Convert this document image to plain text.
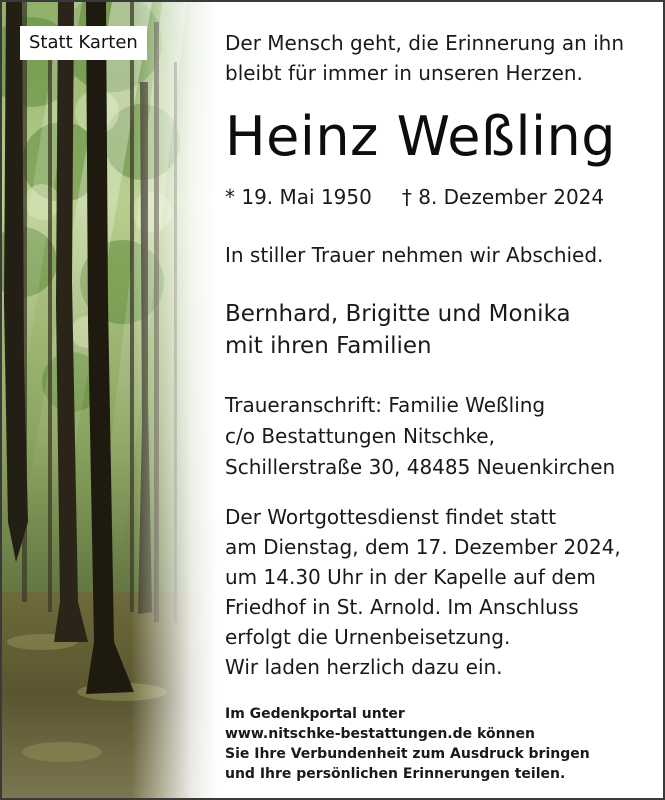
Statt Karten	Der Mensch geht, die Erinnerung an ihn
bleibt für immer in unseren Herzen.
Heinz Weßling
* 19. Mai 1950 † 8. Dezember 2024
In stiller Trauer nehmen wir Abschied.
Bernhard, Brigitte und Monika
mit ihren Familien
Traueranschrift: Familie Weßling
c/o Bestattungen Nitschke,
Schillerstraße 30, 48485 Neuenkirchen
Der Wortgottesdienst findet statt
am Dienstag, dem 17. Dezember 2024,
um 14.30 Uhr in der Kapelle auf dem
Friedhof in St. Arnold. Im Anschluss
erfolgt die Urnenbeisetzung.
Wir laden herzlich dazu ein.
Im Gedenkportal unter
www.nitschke-bestattungen.de können
Sie Ihre Verbundenheit zum Ausdruck bringen
und Ihre persönlichen Erinnerungen teilen.
